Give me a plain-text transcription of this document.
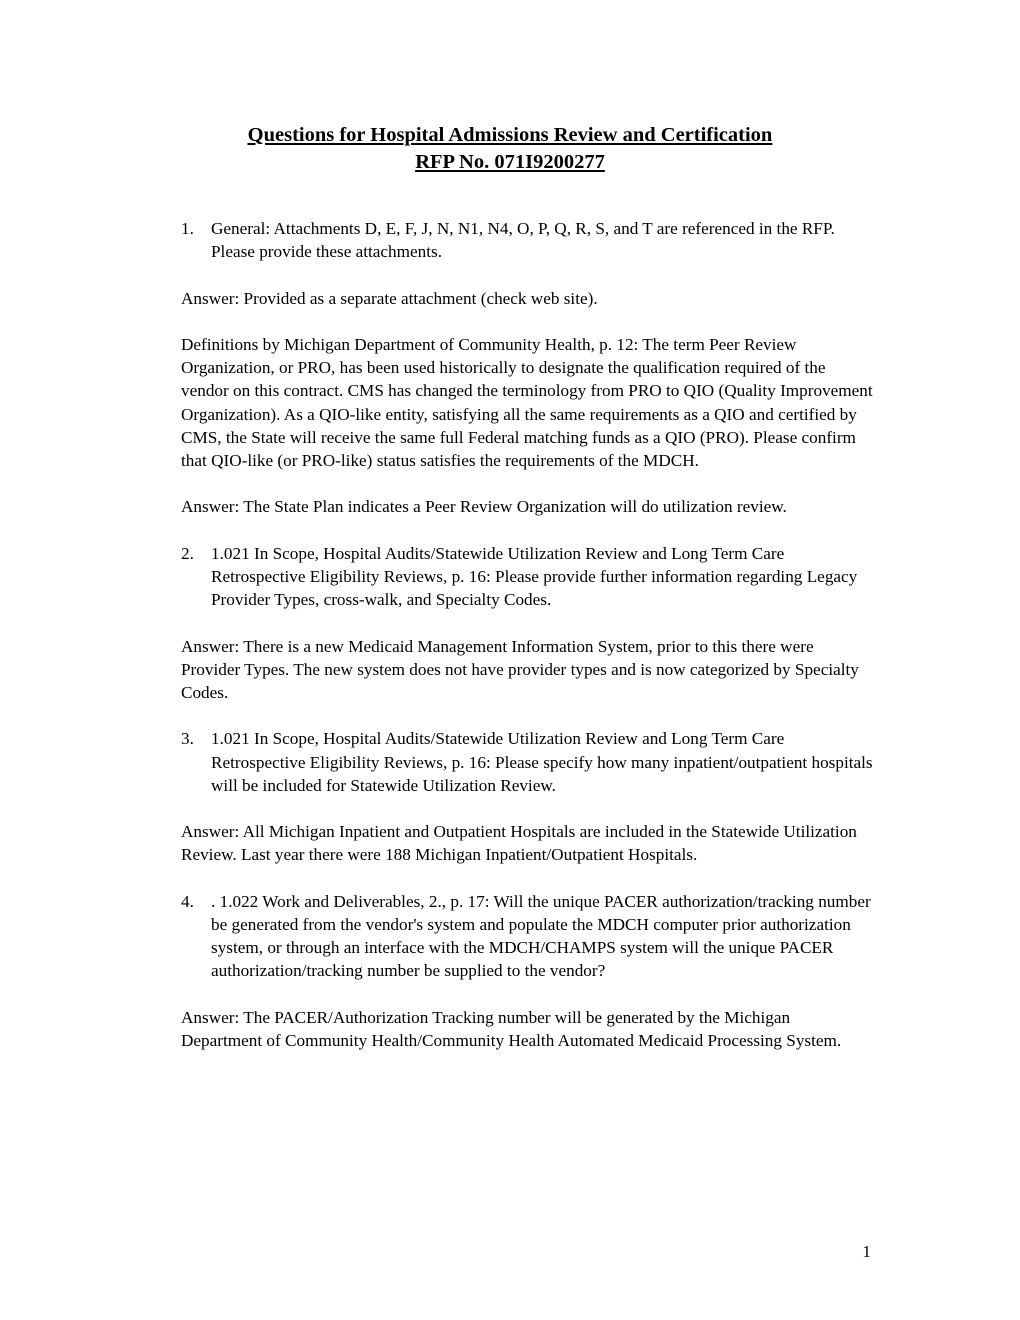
Questions for Hospital Admissions Review and Certification
RFP No. 071I9200277
1. General: Attachments D, E, F, J, N, N1, N4, O, P, Q, R, S, and T are referenced in the RFP. Please provide these attachments.

Answer: Provided as a separate attachment (check web site).

Definitions by Michigan Department of Community Health, p. 12: The term Peer Review Organization, or PRO, has been used historically to designate the qualification required of the vendor on this contract. CMS has changed the terminology from PRO to QIO (Quality Improvement Organization). As a QIO-like entity, satisfying all the same requirements as a QIO and certified by CMS, the State will receive the same full Federal matching funds as a QIO (PRO). Please confirm that QIO-like (or PRO-like) status satisfies the requirements of the MDCH.

Answer: The State Plan indicates a Peer Review Organization will do utilization review.

2. 1.021 In Scope, Hospital Audits/Statewide Utilization Review and Long Term Care Retrospective Eligibility Reviews, p. 16: Please provide further information regarding Legacy Provider Types, cross-walk, and Specialty Codes.

Answer: There is a new Medicaid Management Information System, prior to this there were Provider Types. The new system does not have provider types and is now categorized by Specialty Codes.

3. 1.021 In Scope, Hospital Audits/Statewide Utilization Review and Long Term Care Retrospective Eligibility Reviews, p. 16: Please specify how many inpatient/outpatient hospitals will be included for Statewide Utilization Review.

Answer: All Michigan Inpatient and Outpatient Hospitals are included in the Statewide Utilization Review. Last year there were 188 Michigan Inpatient/Outpatient Hospitals.

4. . 1.022 Work and Deliverables, 2., p. 17: Will the unique PACER authorization/tracking number be generated from the vendor's system and populate the MDCH computer prior authorization system, or through an interface with the MDCH/CHAMPS system will the unique PACER authorization/tracking number be supplied to the vendor?

Answer: The PACER/Authorization Tracking number will be generated by the Michigan Department of Community Health/Community Health Automated Medicaid Processing System.

1
